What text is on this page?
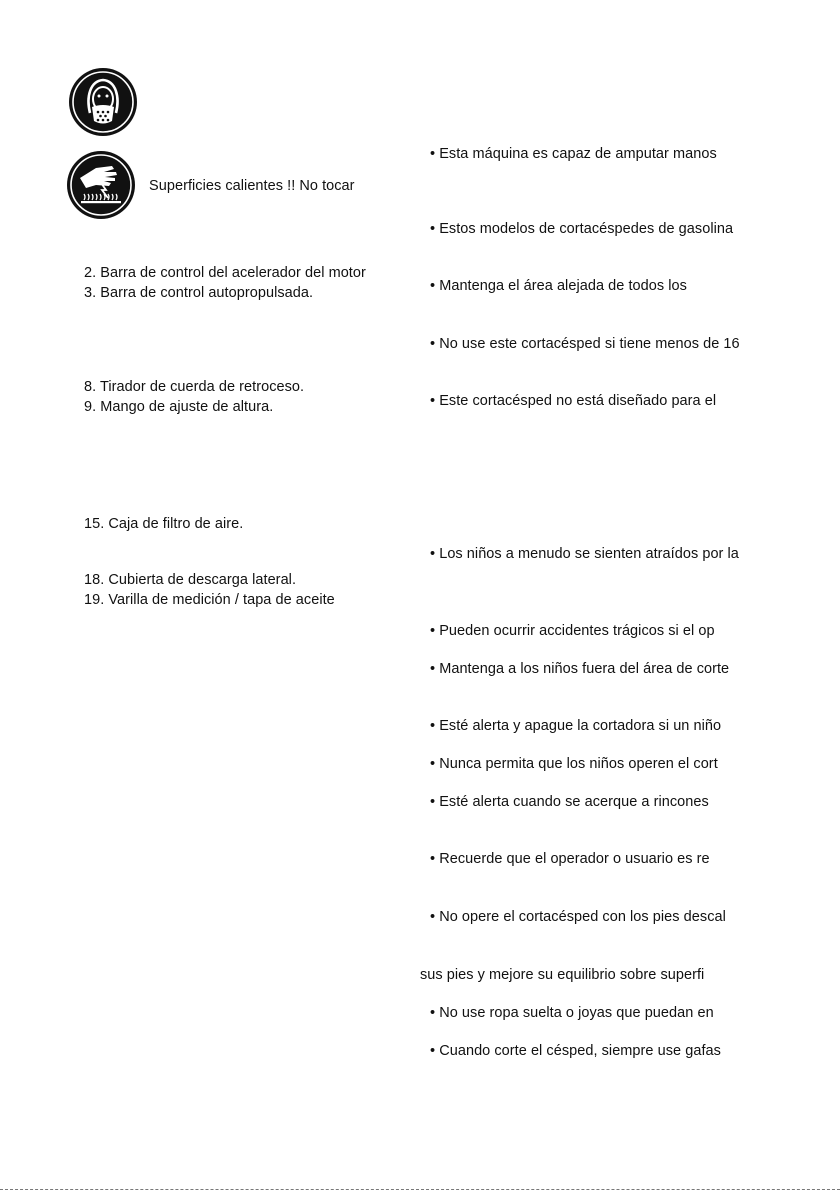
Superficies calientes !! No tocar
2. Barra de control del acelerador del motor
3. Barra de control autopropulsada.
8. Tirador de cuerda de retroceso.
9. Mango de ajuste de altura.
15. Caja de filtro de aire.
18. Cubierta de descarga lateral.
19. Varilla de medición / tapa de aceite
• Esta máquina es capaz de amputar manos
• Estos modelos de cortacéspedes de gasolina
• Mantenga el área alejada de todos los
• No use este cortacésped si tiene menos de 16
• Este cortacésped no está diseñado para el
• Los niños a menudo se sienten atraídos por la
• Pueden ocurrir accidentes trágicos si el op
• Mantenga a los niños fuera del área de corte
• Esté alerta y apague la cortadora si un niño
• Nunca permita que los niños operen el cort
• Esté alerta cuando se acerque a rincones
• Recuerde que el operador o usuario es re
• No opere el cortacésped con los pies descal
sus pies y mejore su equilibrio sobre superfi
• No use ropa suelta o joyas que puedan en
• Cuando corte el césped, siempre use gafas
